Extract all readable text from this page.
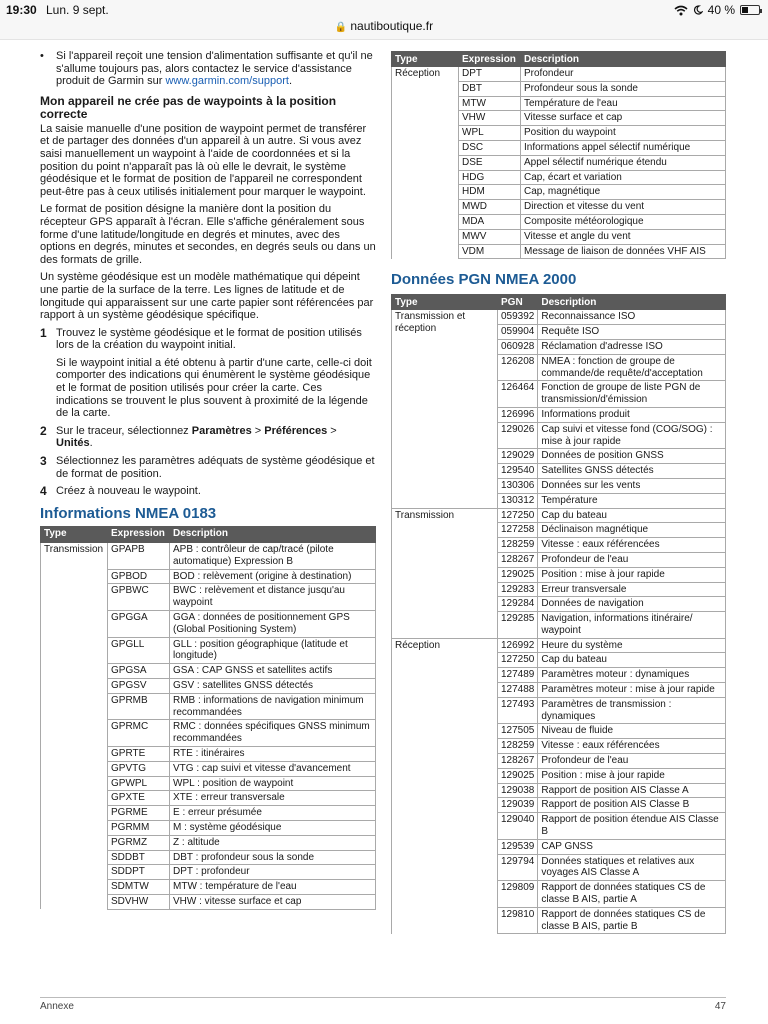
19:30 Lun. 9 sept.	40 %
🔒 nautiboutique.fr
•	Si l'appareil reçoit une tension d'alimentation suffisante et qu'il ne s'allume toujours pas, alors contactez le service d'assistance produit de Garmin sur www.garmin.com/support.
Mon appareil ne crée pas de waypoints à la position correcte

La saisie manuelle d'une position de waypoint permet de transférer et de partager des données d'un appareil à un autre. Si vous avez saisi manuellement un waypoint à l'aide de coordonnées et si la position du point n'apparaît pas là où elle le devrait, le système géodésique et le format de position de l'appareil ne correspondent peut-être pas à ceux utilisés initialement pour marquer le waypoint.

Le format de position désigne la manière dont la position du récepteur GPS apparaît à l'écran. Elle s'affiche généralement sous forme d'une latitude/longitude en degrés et minutes, avec des options en degrés, minutes et secondes, en degrés seuls ou dans un des formats de grille.

Un système géodésique est un modèle mathématique qui dépeint une partie de la surface de la terre. Les lignes de latitude et de longitude qui apparaissent sur une carte papier sont référencées par rapport à un système géodésique spécifique.

1 Trouvez le système géodésique et le format de position utilisés lors de la création du waypoint initial.

Si le waypoint initial a été obtenu à partir d'une carte, celle-ci doit comporter des indications qui énumèrent le système géodésique et le format de position utilisés pour créer la carte. Ces indications se trouvent le plus souvent à proximité de la légende de la carte.

2 Sur le traceur, sélectionnez Paramètres > Préférences > Unités.

3 Sélectionnez les paramètres adéquats de système géodésique et de format de position.

4 Créez à nouveau le waypoint.

Informations NMEA 0183
Type	Expression	Description
Transmission	GPAPB	APB : contrôleur de cap/tracé (pilote automatique) Expression B
	GPBOD	BOD : relèvement (origine à destination)
	GPBWC	BWC : relèvement et distance jusqu'au waypoint
	GPGGA	GGA : données de positionnement GPS (Global Positioning System)
	GPGLL	GLL : position géographique (latitude et longitude)
	GPGSA	GSA : CAP GNSS et satellites actifs
	GPGSV	GSV : satellites GNSS détectés
	GPRMB	RMB : informations de navigation minimum recommandées
	GPRMC	RMC : données spécifiques GNSS minimum recommandées
	GPRTE	RTE : itinéraires
	GPVTG	VTG : cap suivi et vitesse d'avancement
	GPWPL	WPL : position de waypoint
	GPXTE	XTE : erreur transversale
	PGRME	E : erreur présumée
	PGRMM	M : système géodésique
	PGRMZ	Z : altitude
	SDDBT	DBT : profondeur sous la sonde
	SDDPT	DPT : profondeur
	SDMTW	MTW : température de l'eau
	SDVHW	VHW : vitesse surface et cap
Type	Expression	Description
Réception	DPT	Profondeur
	DBT	Profondeur sous la sonde
	MTW	Température de l'eau
	VHW	Vitesse surface et cap
	WPL	Position du waypoint
	DSC	Informations appel sélectif numérique
	DSE	Appel sélectif numérique étendu
	HDG	Cap, écart et variation
	HDM	Cap, magnétique
	MWD	Direction et vitesse du vent
	MDA	Composite météorologique
	MWV	Vitesse et angle du vent
	VDM	Message de liaison de données VHF AIS
Données PGN NMEA 2000
Type	PGN	Description
Transmission et réception	059392	Reconnaissance ISO
	059904	Requête ISO
	060928	Réclamation d'adresse ISO
	126208	NMEA : fonction de groupe de commande/de requête/d'acceptation
	126464	Fonction de groupe de liste PGN de transmission/d'émission
	126996	Informations produit
	129026	Cap suivi et vitesse fond (COG/SOG) : mise à jour rapide
	129029	Données de position GNSS
	129540	Satellites GNSS détectés
	130306	Données sur les vents
	130312	Température
Transmission	127250	Cap du bateau
	127258	Déclinaison magnétique
	128259	Vitesse : eaux référencées
	128267	Profondeur de l'eau
	129025	Position : mise à jour rapide
	129283	Erreur transversale
	129284	Données de navigation
	129285	Navigation, informations itinéraire/ waypoint
Réception	126992	Heure du système
	127250	Cap du bateau
	127489	Paramètres moteur : dynamiques
	127488	Paramètres moteur : mise à jour rapide
	127493	Paramètres de transmission : dynamiques
	127505	Niveau de fluide
	128259	Vitesse : eaux référencées
	128267	Profondeur de l'eau
	129025	Position : mise à jour rapide
	129038	Rapport de position AIS Classe A
	129039	Rapport de position AIS Classe B
	129040	Rapport de position étendue AIS Classe B
	129539	CAP GNSS
	129794	Données statiques et relatives aux voyages AIS Classe A
	129809	Rapport de données statiques CS de classe B AIS, partie A
	129810	Rapport de données statiques CS de classe B AIS, partie B
Annexe	47
